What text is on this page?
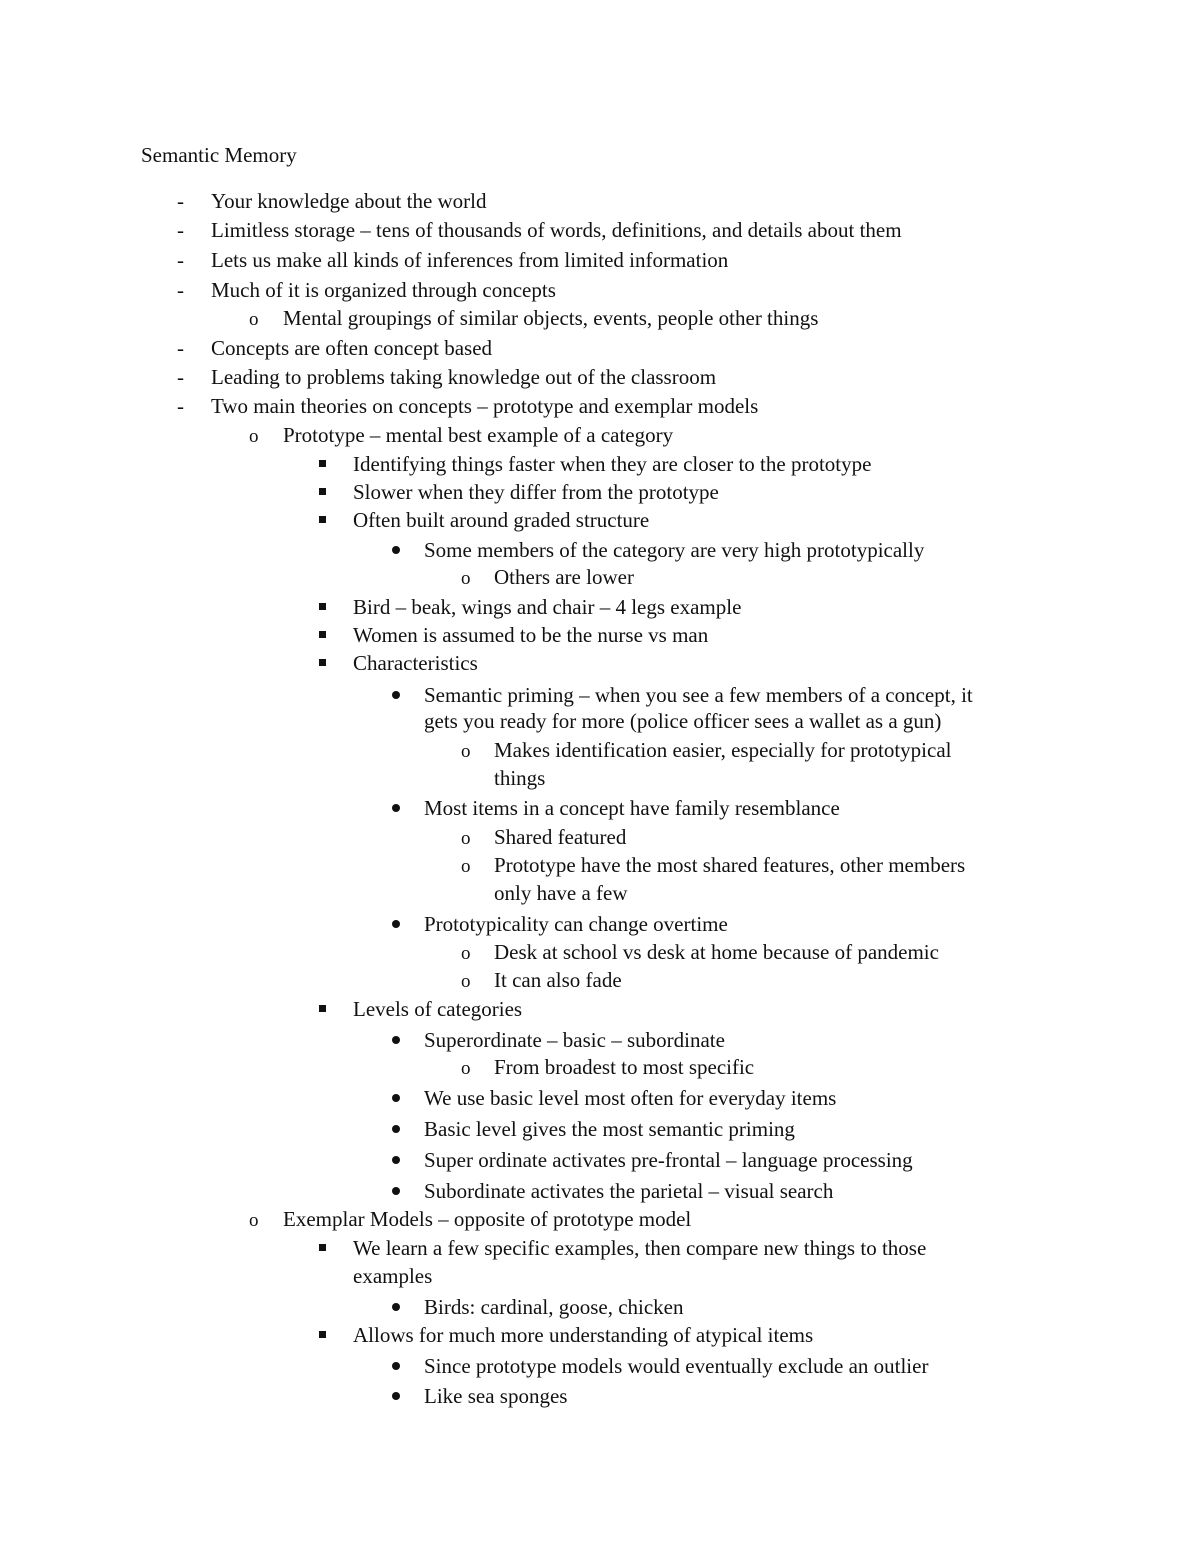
Semantic Memory
-
Your knowledge about the world
-
Limitless storage – tens of thousands of words, definitions, and details about them
-
Lets us make all kinds of inferences from limited information
-
Much of it is organized through concepts
o
Mental groupings of similar objects, events, people other things
-
Concepts are often concept based
-
Leading to problems taking knowledge out of the classroom
-
Two main theories on concepts – prototype and exemplar models
o
Prototype – mental best example of a category
Identifying things faster when they are closer to the prototype
Slower when they differ from the prototype
Often built around graded structure
Some members of the category are very high prototypically
o
Others are lower
Bird – beak, wings and chair – 4 legs example
Women is assumed to be the nurse vs man
Characteristics
Semantic priming – when you see a few members of a concept, it
gets you ready for more (police officer sees a wallet as a gun)
o
Makes identification easier, especially for prototypical
things
Most items in a concept have family resemblance
o
Shared featured
o
Prototype have the most shared features, other members
only have a few
Prototypicality can change overtime
o
Desk at school vs desk at home because of pandemic
o
It can also fade
Levels of categories
Superordinate – basic – subordinate
o
From broadest to most specific
We use basic level most often for everyday items
Basic level gives the most semantic priming
Super ordinate activates pre-frontal – language processing
Subordinate activates the parietal – visual search
o
Exemplar Models – opposite of prototype model
We learn a few specific examples, then compare new things to those
examples
Birds: cardinal, goose, chicken
Allows for much more understanding of atypical items
Since prototype models would eventually exclude an outlier
Like sea sponges
